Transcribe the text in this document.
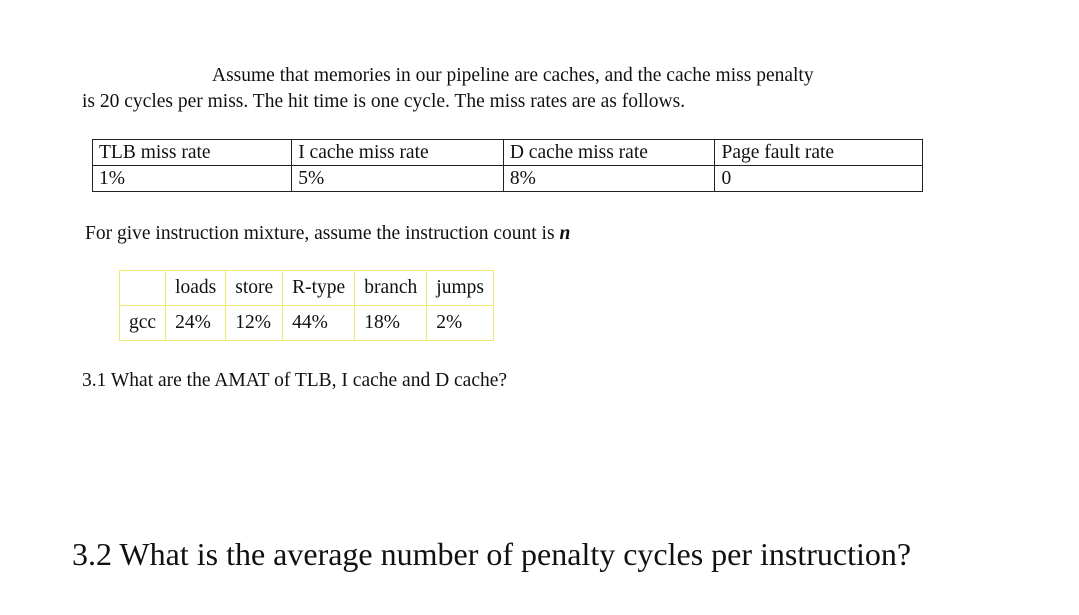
Assume that memories in our pipeline are caches, and the cache miss penalty
is 20 cycles per miss. The hit time is one cycle. The miss rates are as follows.
TLB miss rate	I cache miss rate	D cache miss rate	Page fault rate
1%	5%	8%	0
For give instruction mixture, assume the instruction count is n
	loads	store	R-type	branch	jumps
gcc	24%	12%	44%	18%	2%
3.1 What are the AMAT of TLB, I cache and D cache?
3.2 What is the average number of penalty cycles per instruction?
